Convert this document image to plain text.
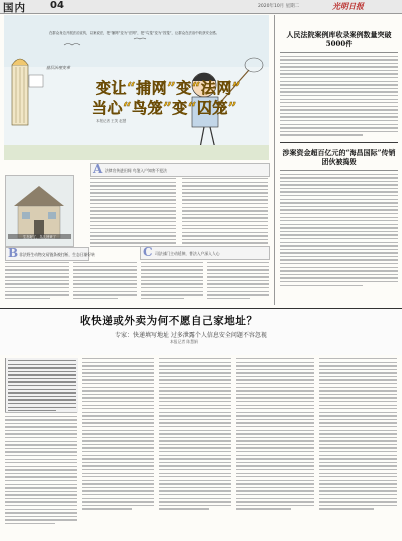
国内 04	2020年10月 星期二	光明日报
在群众身边开展法治宣传，以案说法，把“捕网”变为“法网”，把“鸟笼”变为“囚笼”，让群众在法治中收获安全感。
基层治理变革
变让“捕网”变“法网”
当心“鸟笼”变“囚笼”
本报记者 王笑 赵慧
A 法律宣传进田间 鸟笼入户知害不犯法
生态好了，鸟儿回来了
B 非法野生动物交易链条被打断，生态日渐好转	C 司法部门主动延伸，普法入户深入人心
人民法院案例库收录案例数量突破5000件
涉案资金超百亿元的“海昌国际”传销团伙被捣毁
收快递或外卖为何不愿自己家地址？
专家：快递填写地址 过多泄露个人信息安全问题不容忽视
本报记者 陈慧娟
